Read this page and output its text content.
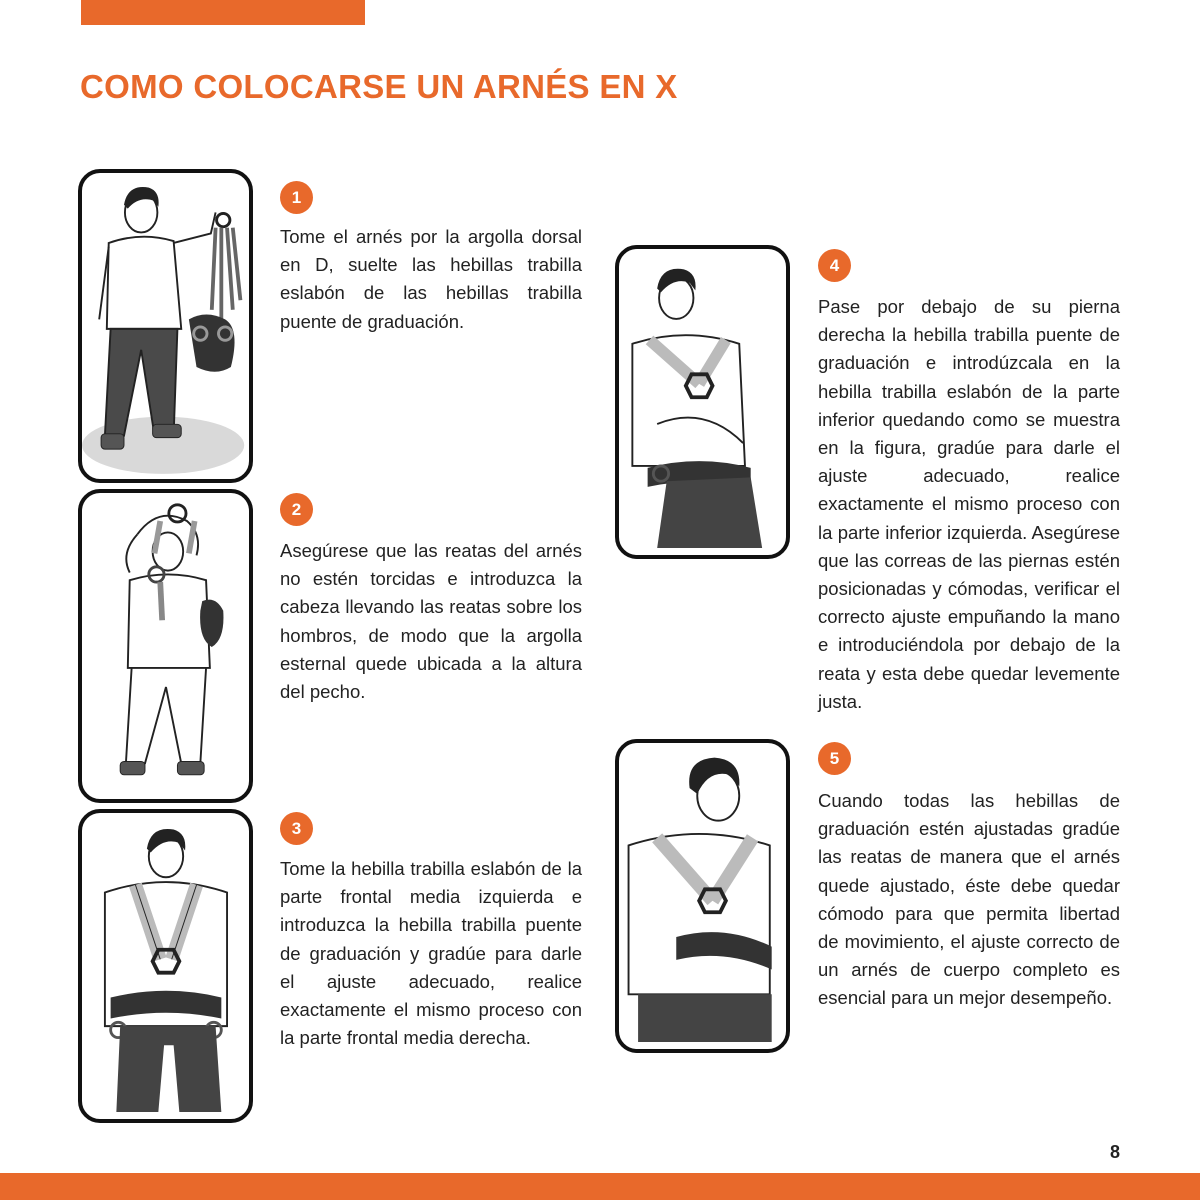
COMO COLOCARSE UN ARNÉS EN X
1

Tome el arnés por la argolla dorsal en D, suelte las hebillas trabilla eslabón de las hebillas trabilla puente de graduación.

2

Asegúrese que las reatas del arnés no estén torcidas e introduzca la cabeza llevando las reatas sobre los hombros, de modo que la argolla esternal quede ubicada a la altura del pecho.

3

Tome la hebilla trabilla eslabón de la parte frontal media izquierda e introduzca la hebilla trabilla puente de graduación y gradúe para darle el ajuste adecuado, realice exactamente el mismo proceso con la parte frontal media derecha.

4

Pase por debajo de su pierna derecha la hebilla trabilla puente de graduación e introdúzcala en la hebilla trabilla eslabón de la parte inferior quedando como se muestra en la figura, gradúe para darle el ajuste adecuado, realice exactamente el mismo proceso con la parte inferior izquierda. Asegúrese que las correas de las piernas estén posicionadas y cómodas, verificar el correcto ajuste empuñando la mano e introduciéndola por debajo de la reata y esta debe quedar levemente justa.

5

Cuando todas las hebillas de graduación estén ajustadas gradúe las reatas de manera que el arnés quede ajustado, éste debe quedar cómodo para que permita libertad de movimiento, el ajuste correcto de un arnés de cuerpo completo es esencial para un mejor desempeño.

8
